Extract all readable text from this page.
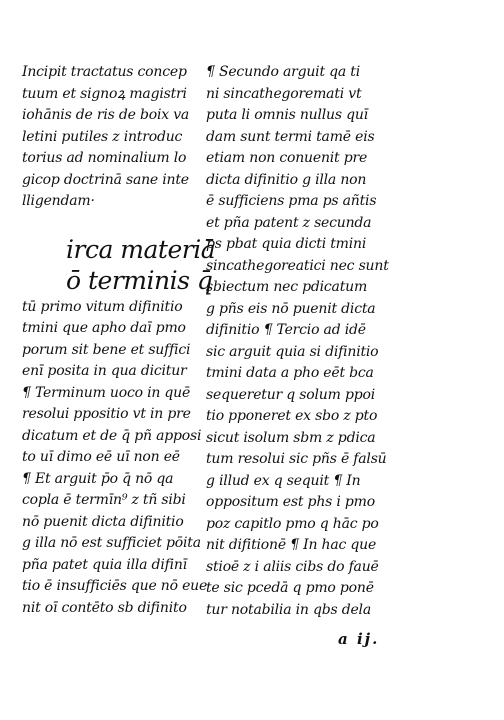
Incipit tractatus concep
tuum et signoꝝ magistri
iohānis de ris de boix va
letini putiles z introduc
torius ad nominalium lo
gicop doctrinā sane inte
lligendam·
irca materiā
ō terminis q̄
tū primo vitum difinitio
tmini que apho daī pmo
porum sit bene et suffici
enī posita in qua dicitur
¶ Terminum uoco in quē
resolui ppositio vt in pre
dicatum et de q̄ pñ apposi
to uī dimo eē uī non eē
¶ Et arguit p̄o q̄ nō qa
copla ē termīn⁹ z tñ sibi
nō puenit dicta difinitio
g illa nō est sufficiet pōita
pña patet quia illa difinī
tio ē insufficiēs que nō eue
nit oī contēto sb difinito
¶ Secundo arguit qa ti
ni sincathegoremati vt
puta li omnis nullus quī
dam sunt termi tamē eis
etiam non conuenit pre
dicta difinitio g illa non
ē sufficiens pma ps añtis
et pña patent z secunda
ps pbat quia dicti tmini
sincathegoreatici nec sunt
sbiectum nec pdicatum
g pñs eis nō puenit dicta
difinitio ¶ Tercio ad idē
sic arguit quia si difinitio
tmini data a pho eēt bca
sequeretur q solum ppoi
tio pponeret ex sbo z pto
sicut isolum sbm z pdica
tum resolui sic pñs ē falsū
g illud ex q sequit ¶ In
oppositum est phs i pmo
poz capitlo pmo q hāc po
nit difitionē ¶ In hac que
stioē z i aliis cibs do fauē
te sic pcedā q pmo ponē
tur notabilia in qbs dela
a ij.
